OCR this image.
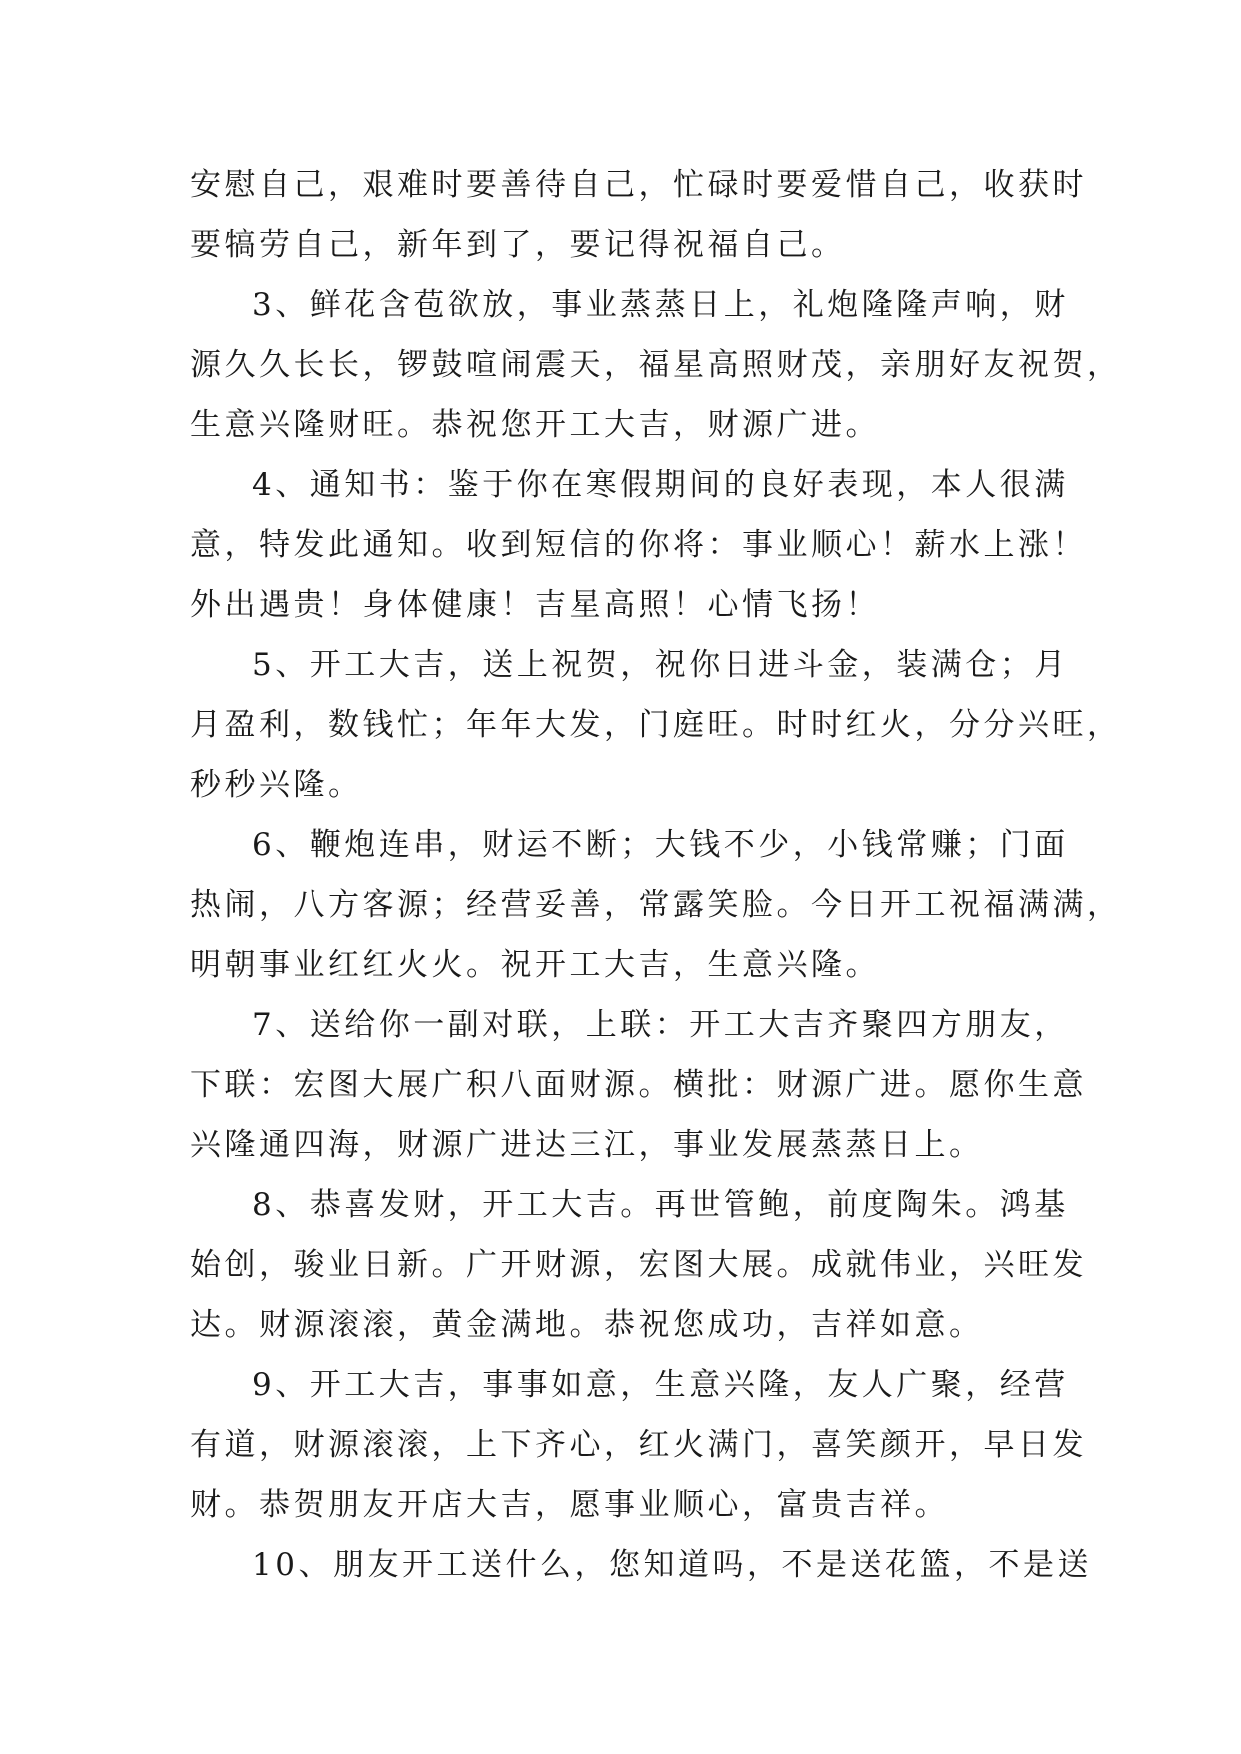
安慰自己，艰难时要善待自己，忙碌时要爱惜自己，收获时
要犒劳自己，新年到了，要记得祝福自己。
3、鲜花含苞欲放，事业蒸蒸日上，礼炮隆隆声响，财
源久久长长，锣鼓喧闹震天，福星高照财茂，亲朋好友祝贺，
生意兴隆财旺。恭祝您开工大吉，财源广进。
4、通知书：鉴于你在寒假期间的良好表现，本人很满
意，特发此通知。收到短信的你将：事业顺心！薪水上涨！
外出遇贵！身体健康！吉星高照！心情飞扬！
5、开工大吉，送上祝贺，祝你日进斗金，装满仓；月
月盈利，数钱忙；年年大发，门庭旺。时时红火，分分兴旺，
秒秒兴隆。
6、鞭炮连串，财运不断；大钱不少，小钱常赚；门面
热闹，八方客源；经营妥善，常露笑脸。今日开工祝福满满，
明朝事业红红火火。祝开工大吉，生意兴隆。
7、送给你一副对联，上联：开工大吉齐聚四方朋友，
下联：宏图大展广积八面财源。横批：财源广进。愿你生意
兴隆通四海，财源广进达三江，事业发展蒸蒸日上。
8、恭喜发财，开工大吉。再世管鲍，前度陶朱。鸿基
始创，骏业日新。广开财源，宏图大展。成就伟业，兴旺发
达。财源滚滚，黄金满地。恭祝您成功，吉祥如意。
9、开工大吉，事事如意，生意兴隆，友人广聚，经营
有道，财源滚滚，上下齐心，红火满门，喜笑颜开，早日发
财。恭贺朋友开店大吉，愿事业顺心，富贵吉祥。
10、朋友开工送什么，您知道吗，不是送花篮，不是送
